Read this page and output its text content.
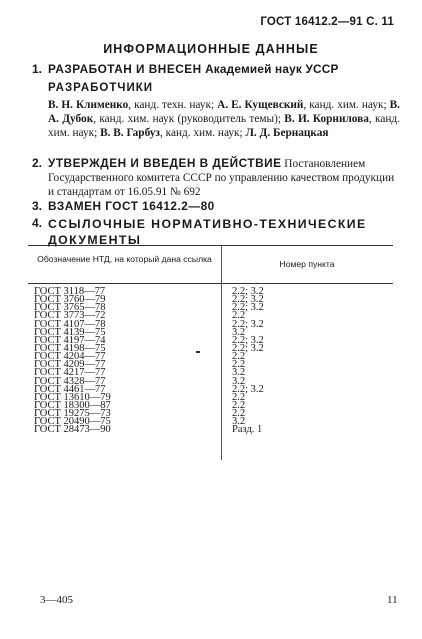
ГОСТ 16412.2—91 С. 11
ИНФОРМАЦИОННЫЕ ДАННЫЕ
1. РАЗРАБОТАН И ВНЕСЕН Академией наук УССР
РАЗРАБОТЧИКИ
В. Н. Клименко, канд. техн. наук; А. Е. Кущевский, канд. хим. наук; В. А. Дубок, канд. хим. наук (руководитель темы); В. И. Корнилова, канд. хим. наук; В. В. Гарбуз, канд. хим. наук; Л. Д. Бернацкая
2. УТВЕРЖДЕН И ВВЕДЕН В ДЕЙСТВИЕ Постановлением Государственного комитета СССР по управлению качеством продукции и стандартам от 16.05.91 № 692
3. ВЗАМЕН ГОСТ 16412.2—80
4. ССЫЛОЧНЫЕ НОРМАТИВНО-ТЕХНИЧЕСКИЕ ДОКУМЕНТЫ
Обозначение НТД, на который дана ссылка	Номер пункта
ГОСТ 3118—77	2.2; 3.2
ГОСТ 3760—79	2.2; 3.2
ГОСТ 3765—78	2.2; 3.2
ГОСТ 3773—72	2.2
ГОСТ 4107—78	2.2; 3.2
ГОСТ 4139—75	3.2
ГОСТ 4197—74	2.2; 3.2
ГОСТ 4198—75	2.2; 3.2
ГОСТ 4204—77	2.2
ГОСТ 4209—77	2.2
ГОСТ 4217—77	3.2
ГОСТ 4328—77	3.2
ГОСТ 4461—77	2.2; 3.2
ГОСТ 13610—79	2.2
ГОСТ 18300—87	2.2
ГОСТ 19275—73	2.2
ГОСТ 20490—75	3.2
ГОСТ 28473—90	Разд. 1
3—405	11
